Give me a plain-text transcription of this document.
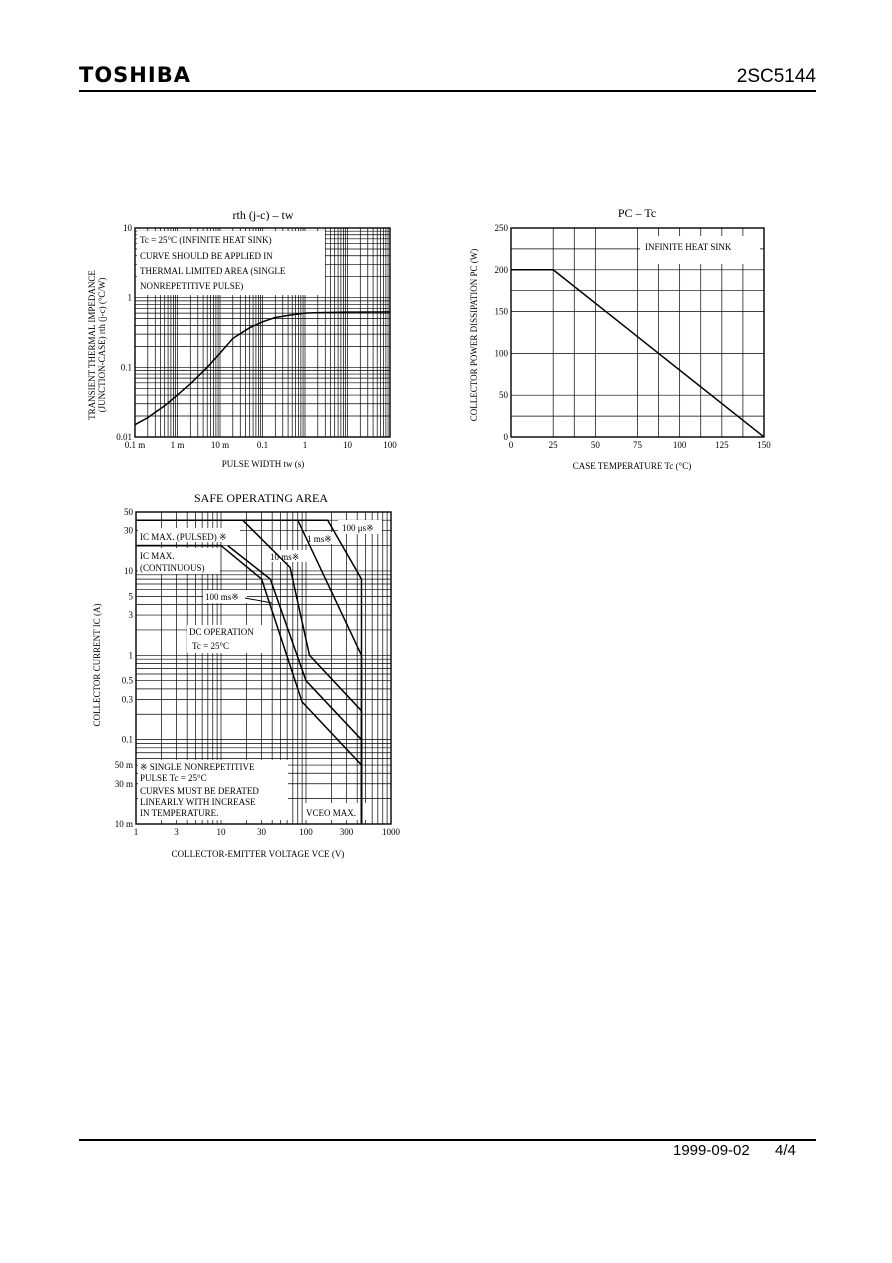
TOSHIBA	2SC5144
rth (j-c) – tw
0.1 m	1 m	10 m	0.1	1	10	100
0.01
0.1
1
10
Tc = 25°C (INFINITE HEAT SINK)
CURVE SHOULD BE APPLIED IN
THERMAL LIMITED AREA (SINGLE
NONREPETITIVE PULSE)
PULSE WIDTH tw (s)
TRANSIENT THERMAL IMPEDANCE (JUNCTION-CASE) rth (j-c) (°C/W)
PC – Tc
0	25	50	75	100	125	150
0
50
100
150
200
250
INFINITE HEAT SINK
CASE TEMPERATURE Tc (°C)
COLLECTOR POWER DISSIPATION PC (W)
SAFE OPERATING AREA
1	3	10	30	100	300	1000
10 m
30 m
50 m
0.1
0.3
0.5
1
3
5
10
30
50
IC MAX. (PULSED) ※
IC MAX.
(CONTINUOUS)
100 μs※
1 ms※
10 ms※
100 ms※
DC OPERATION
Tc = 25°C
※ SINGLE NONREPETITIVE
PULSE Tc = 25°C
CURVES MUST BE DERATED
LINEARLY WITH INCREASE
IN TEMPERATURE.	VCEO MAX.
COLLECTOR-EMITTER VOLTAGE VCE (V)
COLLECTOR CURRENT IC (A)
1999-09-02 4/4
